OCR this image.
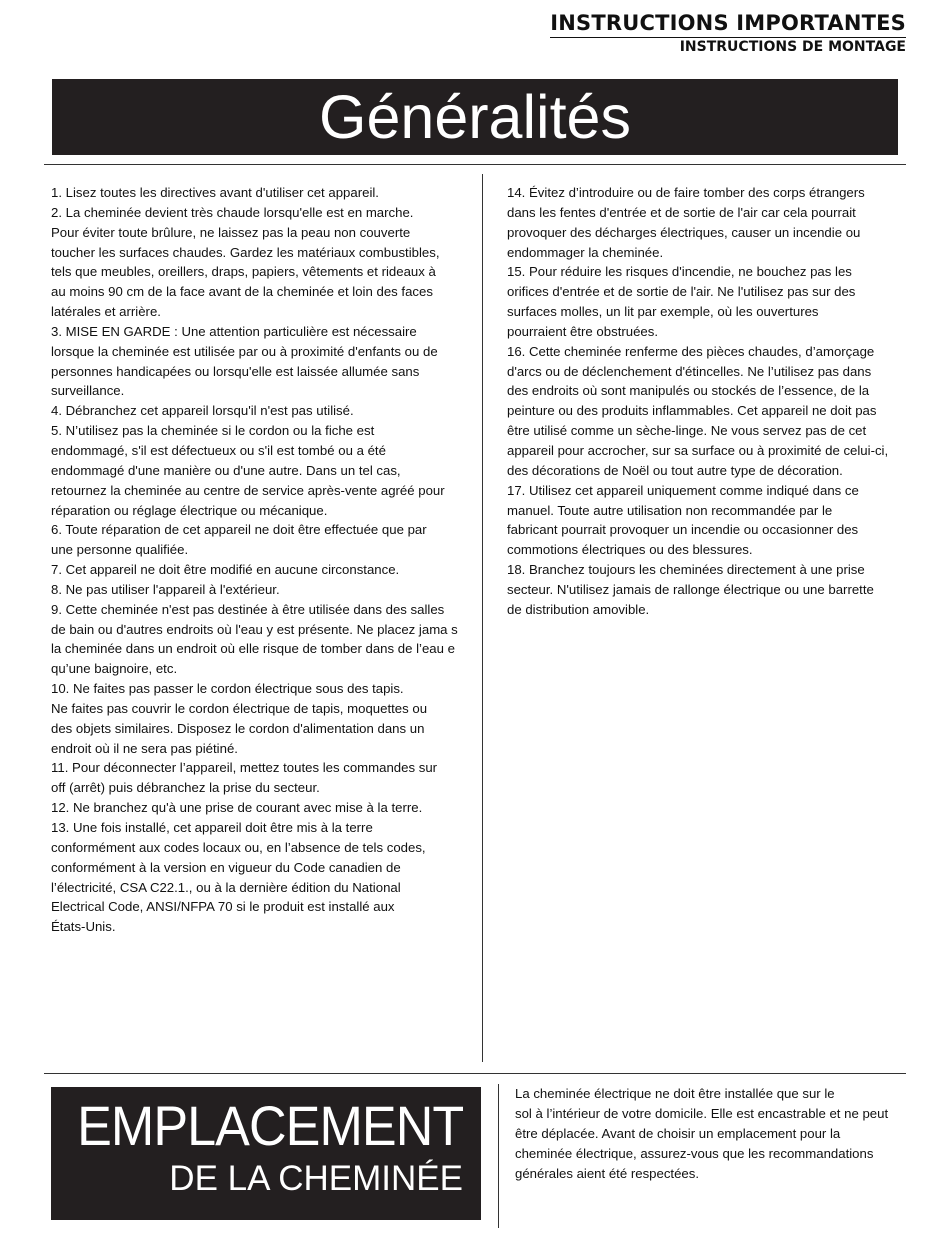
INSTRUCTIONS IMPORTANTES
INSTRUCTIONS DE MONTAGE
Généralités

1. Lisez toutes les directives avant d'utiliser cet appareil.

2. La cheminée devient très chaude lorsqu'elle est en marche.

Pour éviter toute brûlure, ne laissez pas la peau non couverte

toucher les surfaces chaudes. Gardez les matériaux combustibles,

tels que meubles, oreillers, draps, papiers, vêtements et rideaux à

au moins 90 cm de la face avant de la cheminée et loin des faces

latérales et arrière.

3. MISE EN GARDE : Une attention particulière est nécessaire

lorsque la cheminée est utilisée par ou à proximité d'enfants ou de

personnes handicapées ou lorsqu'elle est laissée allumée sans

surveillance.

4. Débranchez cet appareil lorsqu'il n'est pas utilisé.

5. N’utilisez pas la cheminée si le cordon ou la fiche est

endommagé, s'il est défectueux ou s'il est tombé ou a été

endommagé d'une manière ou d'une autre. Dans un tel cas,

retournez la cheminée au centre de service après-vente agréé pour

réparation ou réglage électrique ou mécanique.

6. Toute réparation de cet appareil ne doit être effectuée que par

une personne qualifiée.

7. Cet appareil ne doit être modifié en aucune circonstance.

8. Ne pas utiliser l'appareil à l'extérieur.

9. Cette cheminée n'est pas destinée à être utilisée dans des salles

de bain ou d'autres endroits où l'eau y est présente. Ne placez jama s

la cheminée dans un endroit où elle risque de tomber dans de l’eau e

qu’une baignoire, etc.

10. Ne faites pas passer le cordon électrique sous des tapis.

Ne faites pas couvrir le cordon électrique de tapis, moquettes ou

des objets similaires. Disposez le cordon d'alimentation dans un

endroit où il ne sera pas piétiné.

11. Pour déconnecter l’appareil, mettez toutes les commandes sur

off (arrêt) puis débranchez la prise du secteur.

12. Ne branchez qu'à une prise de courant avec mise à la terre.

13. Une fois installé, cet appareil doit être mis à la terre

conformément aux codes locaux ou, en l’absence de tels codes,

conformément à la version en vigueur du Code canadien de

l’électricité, CSA C22.1., ou à la dernière édition du National

Electrical Code, ANSI/NFPA 70 si le produit est installé aux

États-Unis.

14. Évitez d’introduire ou de faire tomber des corps étrangers

dans les fentes d'entrée et de sortie de l'air car cela pourrait

provoquer des décharges électriques, causer un incendie ou

endommager la cheminée.

15. Pour réduire les risques d'incendie, ne bouchez pas les

orifices d'entrée et de sortie de l'air. Ne l'utilisez pas sur des

surfaces molles, un lit par exemple, où les ouvertures

pourraient être obstruées.

16. Cette cheminée renferme des pièces chaudes, d’amorçage

d'arcs ou de déclenchement d'étincelles. Ne l’utilisez pas dans

des endroits où sont manipulés ou stockés de l’essence, de la

peinture ou des produits inflammables. Cet appareil ne doit pas

être utilisé comme un sèche-linge. Ne vous servez pas de cet

appareil pour accrocher, sur sa surface ou à proximité de celui-ci,

des décorations de Noël ou tout autre type de décoration.

17. Utilisez cet appareil uniquement comme indiqué dans ce

manuel. Toute autre utilisation non recommandée par le

fabricant pourrait provoquer un incendie ou occasionner des

commotions électriques ou des blessures.

18. Branchez toujours les cheminées directement à une prise

secteur. N'utilisez jamais de rallonge électrique ou une barrette

de distribution amovible.

EMPLACEMENT
DE LA CHEMINÉE

La cheminée électrique ne doit être installée que sur le

sol à l’intérieur de votre domicile. Elle est encastrable et ne peut

être déplacée. Avant de choisir un emplacement pour la

cheminée électrique, assurez-vous que les recommandations

générales aient été respectées.
